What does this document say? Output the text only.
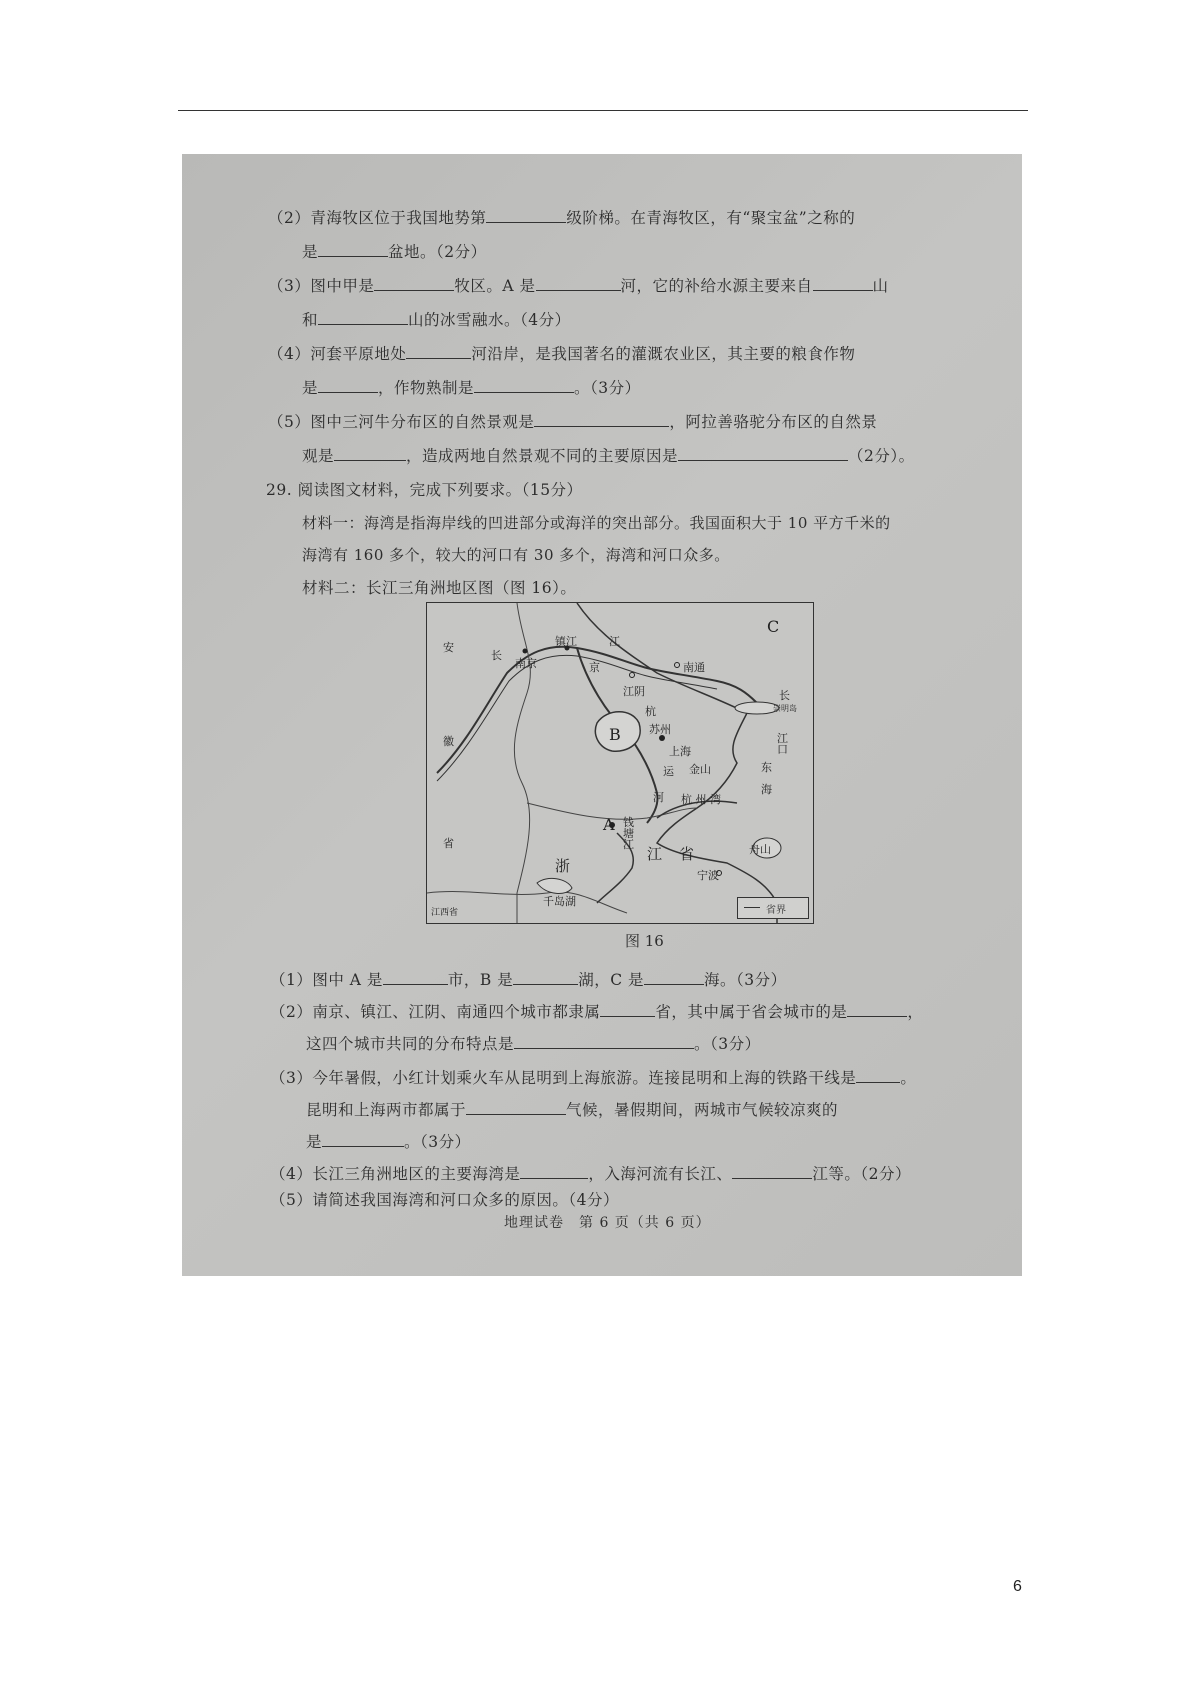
（2）青海牧区位于我国地势第	级阶梯。在青海牧区，有“聚宝盆”之称的
是	盆地。（2分）
（3）图中甲是	牧区。A 是	河，它的补给水源主要来自	山
和	山的冰雪融水。（4分）
（4）河套平原地处	河沿岸，是我国著名的灌溉农业区，其主要的粮食作物
是	，作物熟制是	。（3分）
（5）图中三河牛分布区的自然景观是	，阿拉善骆驼分布区的自然景
观是	，造成两地自然景观不同的主要原因是	（2分）。
29. 阅读图文材料，完成下列要求。（15分）
材料一：海湾是指海岸线的凹进部分或海洋的突出部分。我国面积大于 10 平方千米的
海湾有 160 多个，较大的河口有 30 多个，海湾和河口众多。
材料二：长江三角洲地区图（图 16）。
安
徽
省
南京
镇江
长
江
京
江阴
南通
杭
苏州
上海
运 金山
河 杭 州 湾
东
海
钱塘江
浙
江 省
宁波
舟山
千岛湖
江西省
长
崇明岛
江口
A
B
C
省界
图 16
（1）图中 A 是	市，B 是	湖，C 是	海。（3分）
（2）南京、镇江、江阴、南通四个城市都隶属	省，其中属于省会城市的是	，
这四个城市共同的分布特点是	。（3分）
（3）今年暑假，小红计划乘火车从昆明到上海旅游。连接昆明和上海的铁路干线是	。
昆明和上海两市都属于	气候，暑假期间，两城市气候较凉爽的
是	。（3分）
（4）长江三角洲地区的主要海湾是	，入海河流有长江、	江等。（2分）
（5）请简述我国海湾和河口众多的原因。（4分）
地理试卷　第 6 页（共 6 页）
6
